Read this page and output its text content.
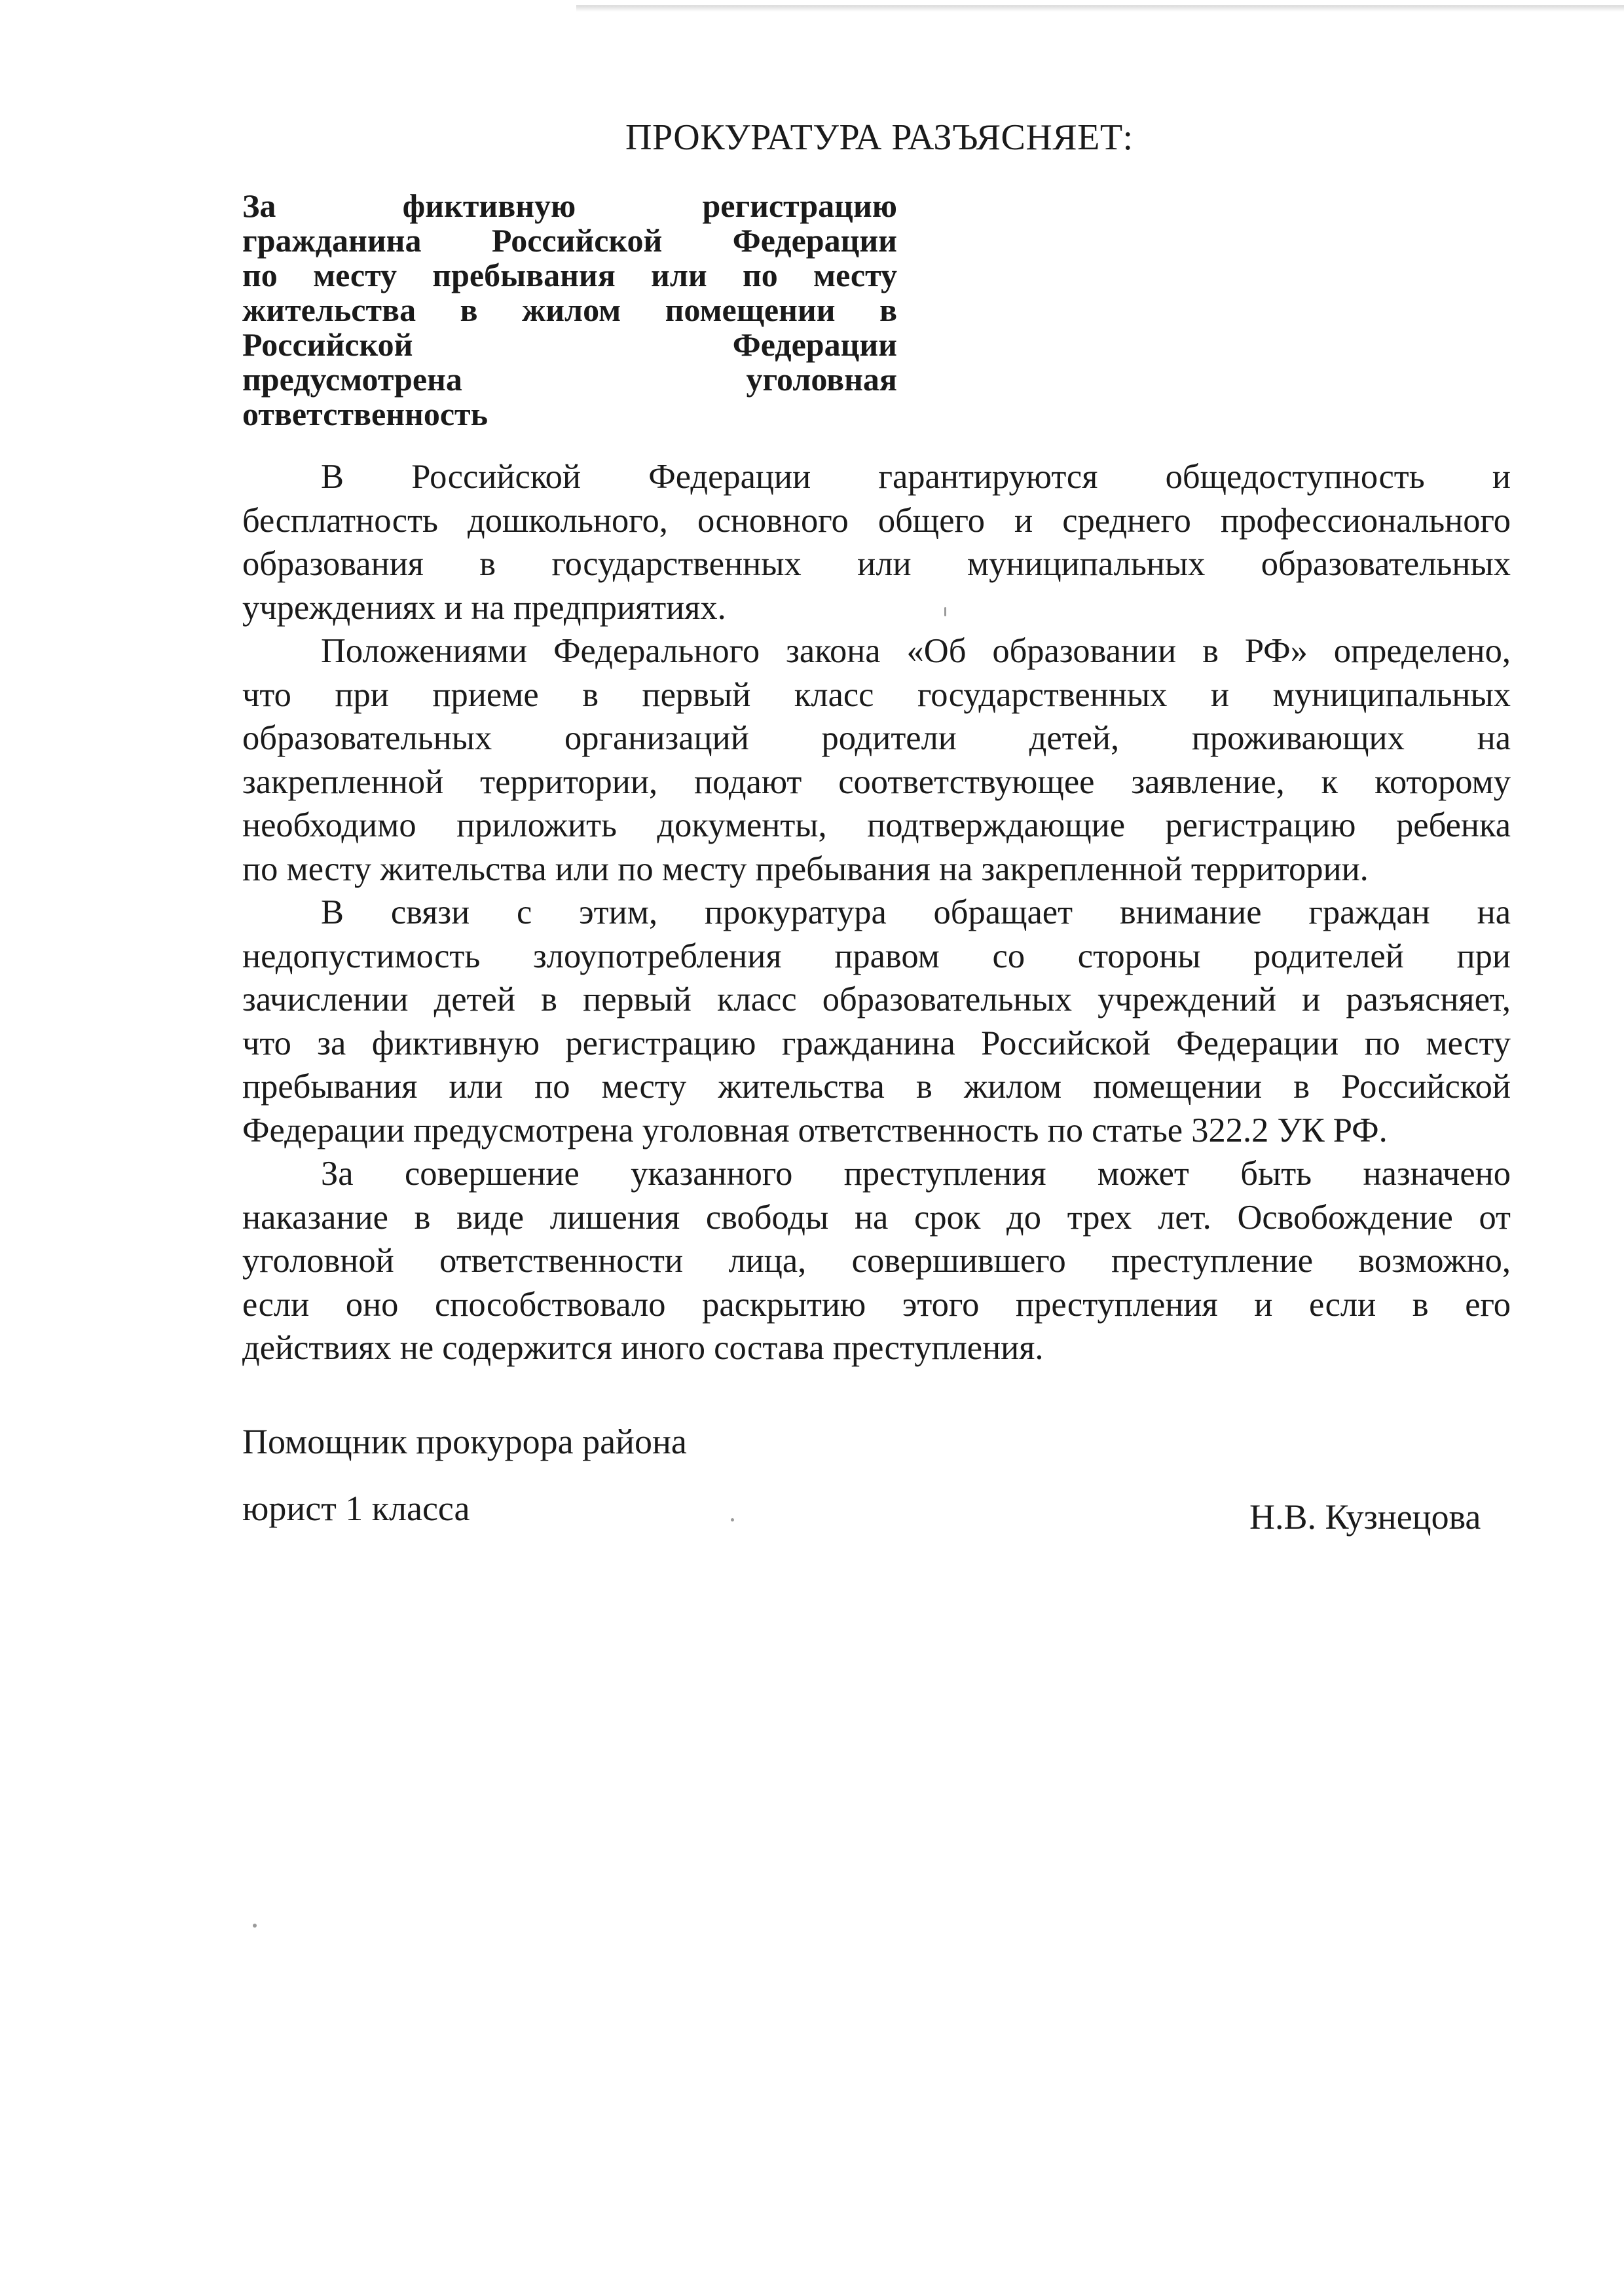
ПРОКУРАТУРА РАЗЪЯСНЯЕТ:
За фиктивную регистрацию
гражданина Российской Федерации
по месту пребывания или по месту
жительства в жилом помещении в
Российской Федерации
предусмотрена уголовная
ответственность
В Российской Федерации гарантируются общедоступность и
бесплатность дошкольного, основного общего и среднего профессионального
образования в государственных или муниципальных образовательных
учреждениях и на предприятиях.
Положениями Федерального закона «Об образовании в РФ» определено,
что при приеме в первый класс государственных и муниципальных
образовательных организаций родители детей, проживающих на
закрепленной территории, подают соответствующее заявление, к которому
необходимо приложить документы, подтверждающие регистрацию ребенка
по месту жительства или по месту пребывания на закрепленной территории.
В связи с этим, прокуратура обращает внимание граждан на
недопустимость злоупотребления правом со стороны родителей при
зачислении детей в первый класс образовательных учреждений и разъясняет,
что за фиктивную регистрацию гражданина Российской Федерации по месту
пребывания или по месту жительства в жилом помещении в Российской
Федерации предусмотрена уголовная ответственность по статье 322.2 УК РФ.
За совершение указанного преступления может быть назначено
наказание в виде лишения свободы на срок до трех лет. Освобождение от
уголовной ответственности лица, совершившего преступление возможно,
если оно способствовало раскрытию этого преступления и если в его
действиях не содержится иного состава преступления.
Помощник прокурора района
юрист 1 класса	Н.В. Кузнецова
